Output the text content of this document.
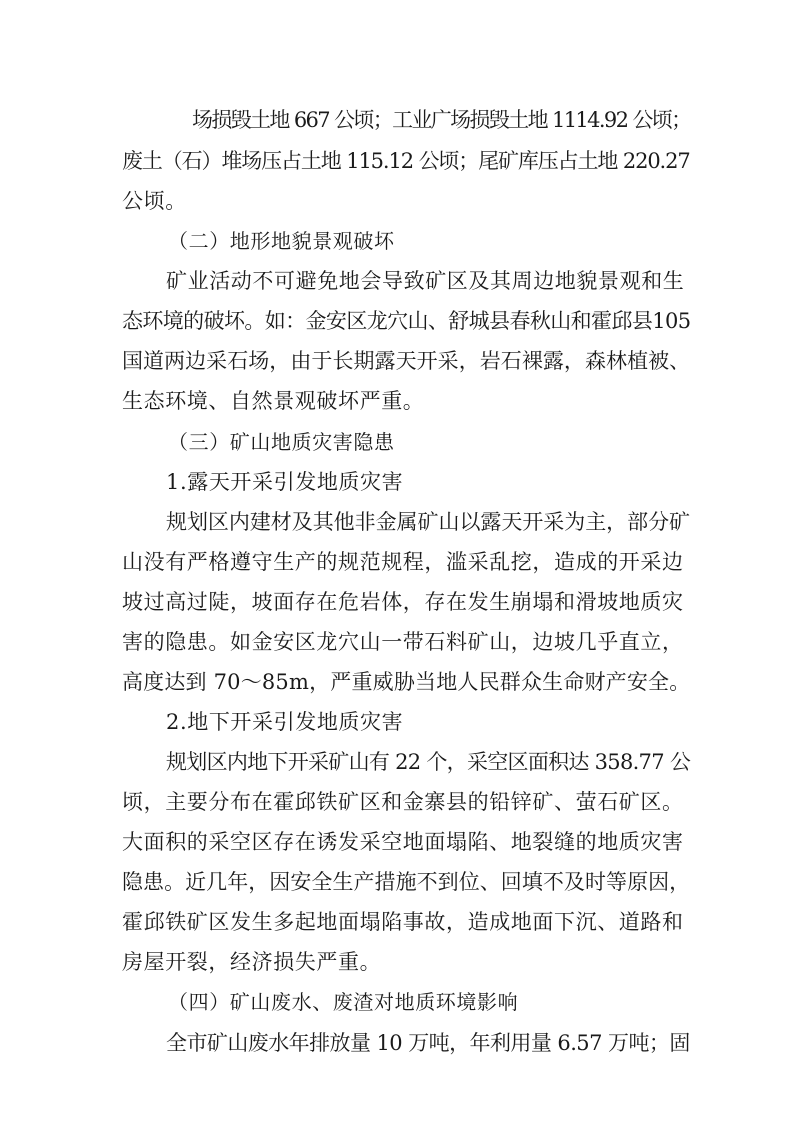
场损毁土地 667 公顷；工业广场损毁土地 1114.92 公顷；
废土（石）堆场压占土地 115.12 公顷；尾矿库压占土地 220.27
公顷。
（二）地形地貌景观破坏
矿业活动不可避免地会导致矿区及其周边地貌景观和生
态环境的破坏。如：金安区龙穴山、舒城县春秋山和霍邱县105
国道两边采石场，由于长期露天开采，岩石裸露，森林植被、
生态环境、自然景观破坏严重。
（三）矿山地质灾害隐患
1.露天开采引发地质灾害
规划区内建材及其他非金属矿山以露天开采为主，部分矿
山没有严格遵守生产的规范规程，滥采乱挖，造成的开采边
坡过高过陡，坡面存在危岩体，存在发生崩塌和滑坡地质灾
害的隐患。如金安区龙穴山一带石料矿山，边坡几乎直立，
高度达到 70～85m，严重威胁当地人民群众生命财产安全。
2.地下开采引发地质灾害
规划区内地下开采矿山有 22 个，采空区面积达 358.77 公
顷，主要分布在霍邱铁矿区和金寨县的铅锌矿、萤石矿区。
大面积的采空区存在诱发采空地面塌陷、地裂缝的地质灾害
隐患。近几年，因安全生产措施不到位、回填不及时等原因，
霍邱铁矿区发生多起地面塌陷事故，造成地面下沉、道路和
房屋开裂，经济损失严重。
（四）矿山废水、废渣对地质环境影响
全市矿山废水年排放量 10 万吨，年利用量 6.57 万吨；固
